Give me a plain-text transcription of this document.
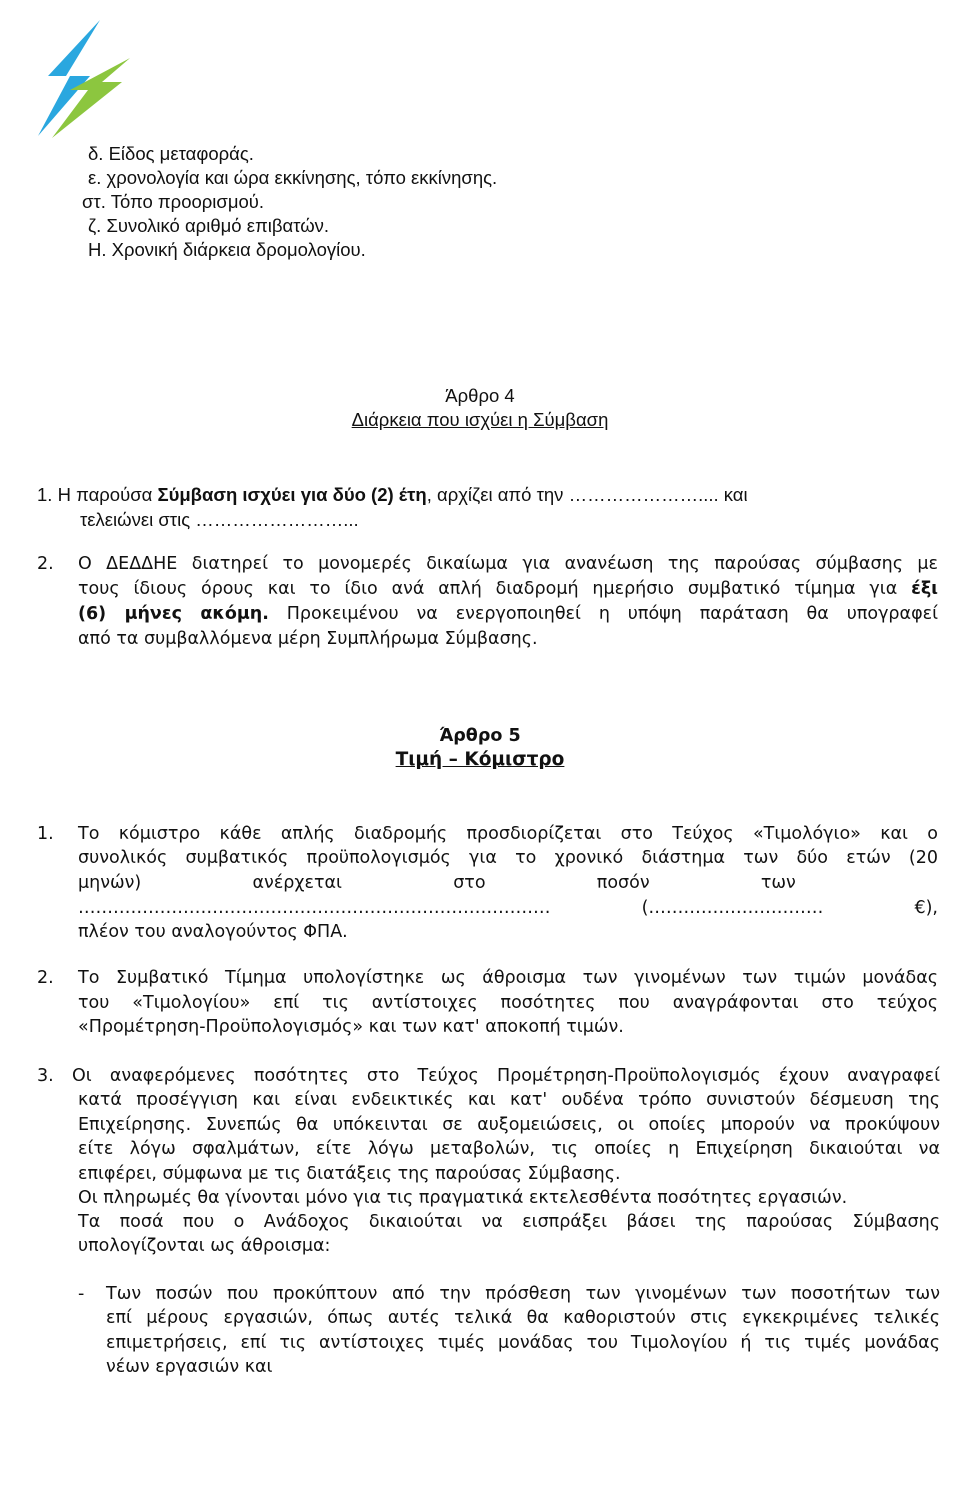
δ. Είδος μεταφοράς.
ε. χρονολογία και ώρα εκκίνησης, τόπο εκκίνησης.
στ. Τόπο προορισμού.
ζ. Συνολικό αριθμό επιβατών.
Η. Χρονική διάρκεια δρομολογίου.
Άρθρο 4
Διάρκεια που ισχύει η Σύμβαση
1. Η παρούσα Σύμβαση ισχύει για δύο (2) έτη, αρχίζει από την ………………….... και
τελειώνει στις ……………………...
2. Ο ΔΕΔΔΗΕ διατηρεί το μονομερές δικαίωμα για ανανέωση της παρούσας σύμβασης με
τους ίδιους όρους και το ίδιο ανά απλή διαδρομή ημερήσιο συμβατικό τίμημα για έξι
(6) μήνες ακόμη. Προκειμένου να ενεργοποιηθεί η υπόψη παράταση θα υπογραφεί
από τα συμβαλλόμενα μέρη Συμπλήρωμα Σύμβασης.
Άρθρο 5
Τιμή – Κόμιστρο
1. Το κόμιστρο κάθε απλής διαδρομής προσδιορίζεται στο Τεύχος «Τιμολόγιο» και ο
συνολικός συμβατικός προϋπολογισμός για το χρονικό διάστημα των δύο ετών (20
μηνών)                    ανέρχεται                    στο                    ποσόν                    των
……………………………………………………………………… (………………………… €),
πλέον του αναλογούντος ΦΠΑ.
2. Το Συμβατικό Τίμημα υπολογίστηκε ως άθροισμα των γινομένων των τιμών μονάδας
του «Τιμολογίου» επί τις αντίστοιχες ποσότητες που αναγράφονται στο τεύχος
«Προμέτρηση-Προϋπολογισμός» και των κατ' αποκοπή τιμών.
3. Οι αναφερόμενες ποσότητες στο Τεύχος Προμέτρηση-Προϋπολογισμός έχουν αναγραφεί
κατά προσέγγιση και είναι ενδεικτικές και κατ' ουδένα τρόπο συνιστούν δέσμευση της
Επιχείρησης. Συνεπώς θα υπόκεινται σε αυξομειώσεις, οι οποίες μπορούν να προκύψουν
είτε λόγω σφαλμάτων, είτε λόγω μεταβολών, τις οποίες η Επιχείρηση δικαιούται να
επιφέρει, σύμφωνα με τις διατάξεις της παρούσας Σύμβασης.
Οι πληρωμές θα γίνονται μόνο για τις πραγματικά εκτελεσθέντα ποσότητες εργασιών.
Τα ποσά που ο Ανάδοχος δικαιούται να εισπράξει βάσει της παρούσας Σύμβασης
υπολογίζονται ως άθροισμα:
- Των ποσών που προκύπτουν από την πρόσθεση των γινομένων των ποσοτήτων των
επί μέρους εργασιών, όπως αυτές τελικά θα καθοριστούν στις εγκεκριμένες τελικές
επιμετρήσεις, επί τις αντίστοιχες τιμές μονάδας του Τιμολογίου ή τις τιμές μονάδας
νέων εργασιών και
